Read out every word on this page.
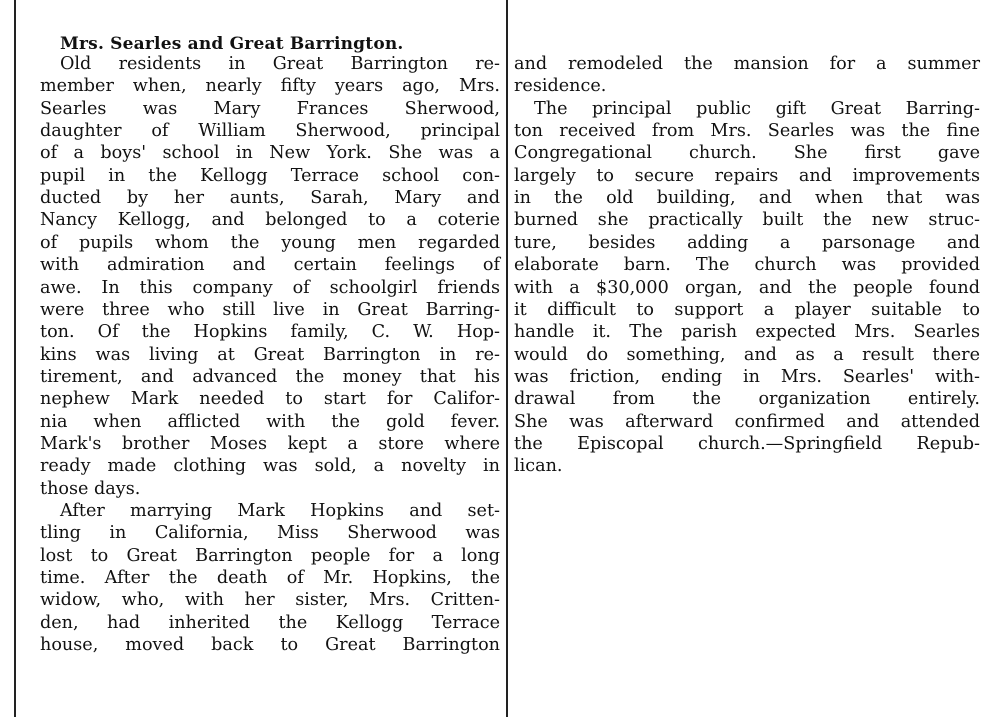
Mrs. Searles and Great Barrington.
Old residents in Great Barrington re-
member when, nearly fifty years ago, Mrs.
Searles was Mary Frances Sherwood,
daughter of William Sherwood, principal
of a boys' school in New York. She was a
pupil in the Kellogg Terrace school con-
ducted by her aunts, Sarah, Mary and
Nancy Kellogg, and belonged to a coterie
of pupils whom the young men regarded
with admiration and certain feelings of
awe. In this company of schoolgirl friends
were three who still live in Great Barring-
ton. Of the Hopkins family, C. W. Hop-
kins was living at Great Barrington in re-
tirement, and advanced the money that his
nephew Mark needed to start for Califor-
nia when afflicted with the gold fever.
Mark's brother Moses kept a store where
ready made clothing was sold, a novelty in
those days.
After marrying Mark Hopkins and set-
tling in California, Miss Sherwood was
lost to Great Barrington people for a long
time. After the death of Mr. Hopkins, the
widow, who, with her sister, Mrs. Critten-
den, had inherited the Kellogg Terrace
house, moved back to Great Barrington
and remodeled the mansion for a summer
residence.
The principal public gift Great Barring-
ton received from Mrs. Searles was the fine
Congregational church. She first gave
largely to secure repairs and improvements
in the old building, and when that was
burned she practically built the new struc-
ture, besides adding a parsonage and
elaborate barn. The church was provided
with a $30,000 organ, and the people found
it difficult to support a player suitable to
handle it. The parish expected Mrs. Searles
would do something, and as a result there
was friction, ending in Mrs. Searles' with-
drawal from the organization entirely.
She was afterward confirmed and attended
the Episcopal church.—Springfield Repub-
lican.
